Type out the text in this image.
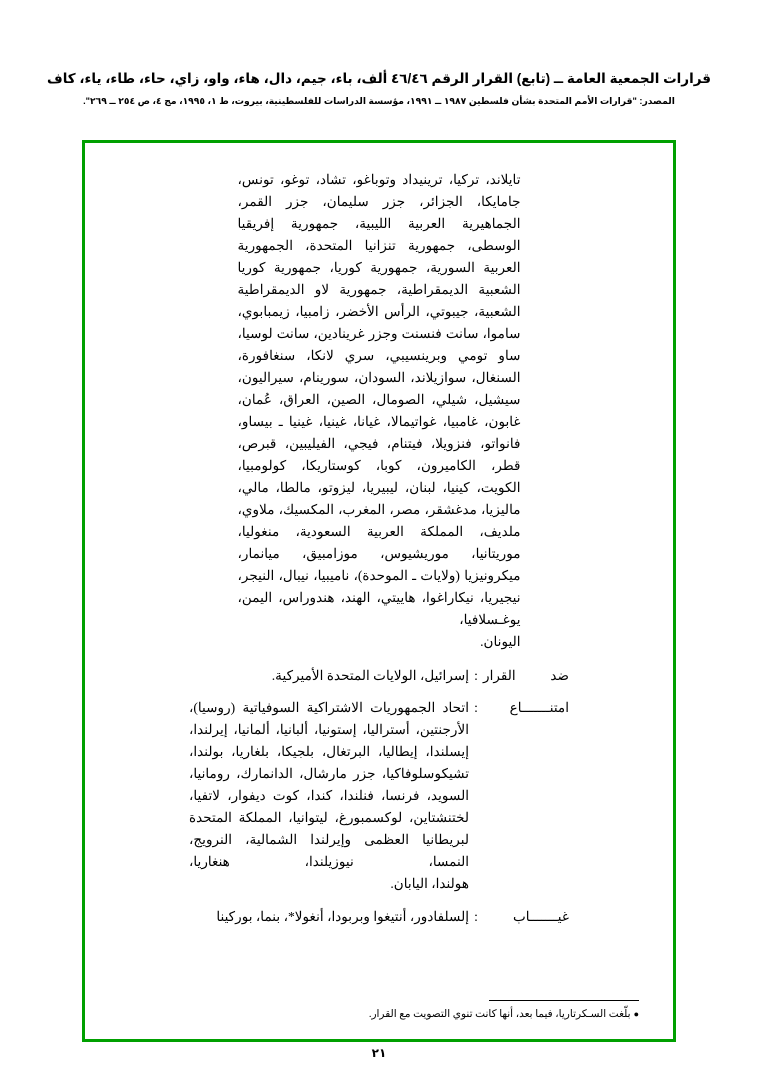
قرارات الجمعية العامة ــ (تابع) القرار الرقم ٤٦/٤٦ ألف، باء، جيم، دال، هاء، واو، زاي، حاء، طاء، ياء، كاف
المصدر: "قرارات الأمم المتحدة بشأن فلسطين ١٩٨٧ ــ ١٩٩١، مؤسسة الدراسات للفلسطينية، بيروت، ط ١، ١٩٩٥، مج ٤، ص ٢٥٤ ــ ٢٦٩".
تايلاند، تركيا، ترينيداد وتوباغو، تشاد، توغو، تونس، جامايكا، الجزائر، جزر سليمان، جزر القمر، الجماهيرية العربية الليبية، جمهورية إفريقيا الوسطى، جمهورية تنزانيا المتحدة، الجمهورية العربية السورية، جمهورية كوريا، جمهورية كوريا الشعبية الديمقراطية، جمهورية لاو الديمقراطية الشعبية، جيبوتي، الرأس الأخضر، زامبيا، زيمبابوي، ساموا، سانت فنسنت وجزر غرينادين، سانت لوسيا، ساو تومي وبرينسيبي، سري لانكا، سنغافورة، السنغال، سوازيلاند، السودان، سورينام، سيراليون، سيشيل، شيلي، الصومال، الصين، العراق، عُمان، غابون، غامبيا، غواتيمالا، غيانا، غينيا، غينيا ـ بيساو، فانواتو، فنزويلا، فيتنام، فيجي، الفيليبين، قبرص، قطر، الكاميرون، كوبا، كوستاريكا، كولومبيا، الكويت، كينيا، لبنان، ليبيريا، ليزوتو، مالطا، مالي، ماليزيا، مدغشقر، مصر، المغرب، المكسيك، ملاوي، ملديف، المملكة العربية السعودية، منغوليا، موريتانيا، موريشيوس، موزامبيق، ميانمار، ميكرونيزيا (ولايات ـ الموحدة)، ناميبيا، نيبال، النيجر، نيجيريا، نيكاراغوا، هاييتي، الهند، هندوراس، اليمن، يوغـسلافيا،
اليونان.
ضد القرار
:
إسرائيل، الولايات المتحدة الأميركية.
امتنـــــــاع
:
اتحاد الجمهوريات الاشتراكية السوفياتية (روسيا)، الأرجنتين، أستراليا، إستونيا، ألبانيا، ألمانيا، إيرلندا، إيسلندا، إيطاليا، البرتغال، بلجيكا، بلغاريا، بولندا، تشيكوسلوفاكيا، جزر مارشال، الدانمارك، رومانيا، السويد، فرنسا، فنلندا، كندا، كوت ديفوار، لاتفيا، لختنشتاين، لوكسمبورغ، ليتوانيا، المملكة المتحدة لبريطانيا العظمى وإيرلندا الشمالية، النرويج، النمسا، نيوزيلندا، هنغاريا،
هولندا، اليابان.
غيـــــــاب
:
إلسلفادور، أنتيغوا وبربودا، أنغولا*، بنما، بوركينا
●بلّغت السـكرتاريا، فيما بعد، أنها كانت تنوي التصويت مع القرار.
٢١
